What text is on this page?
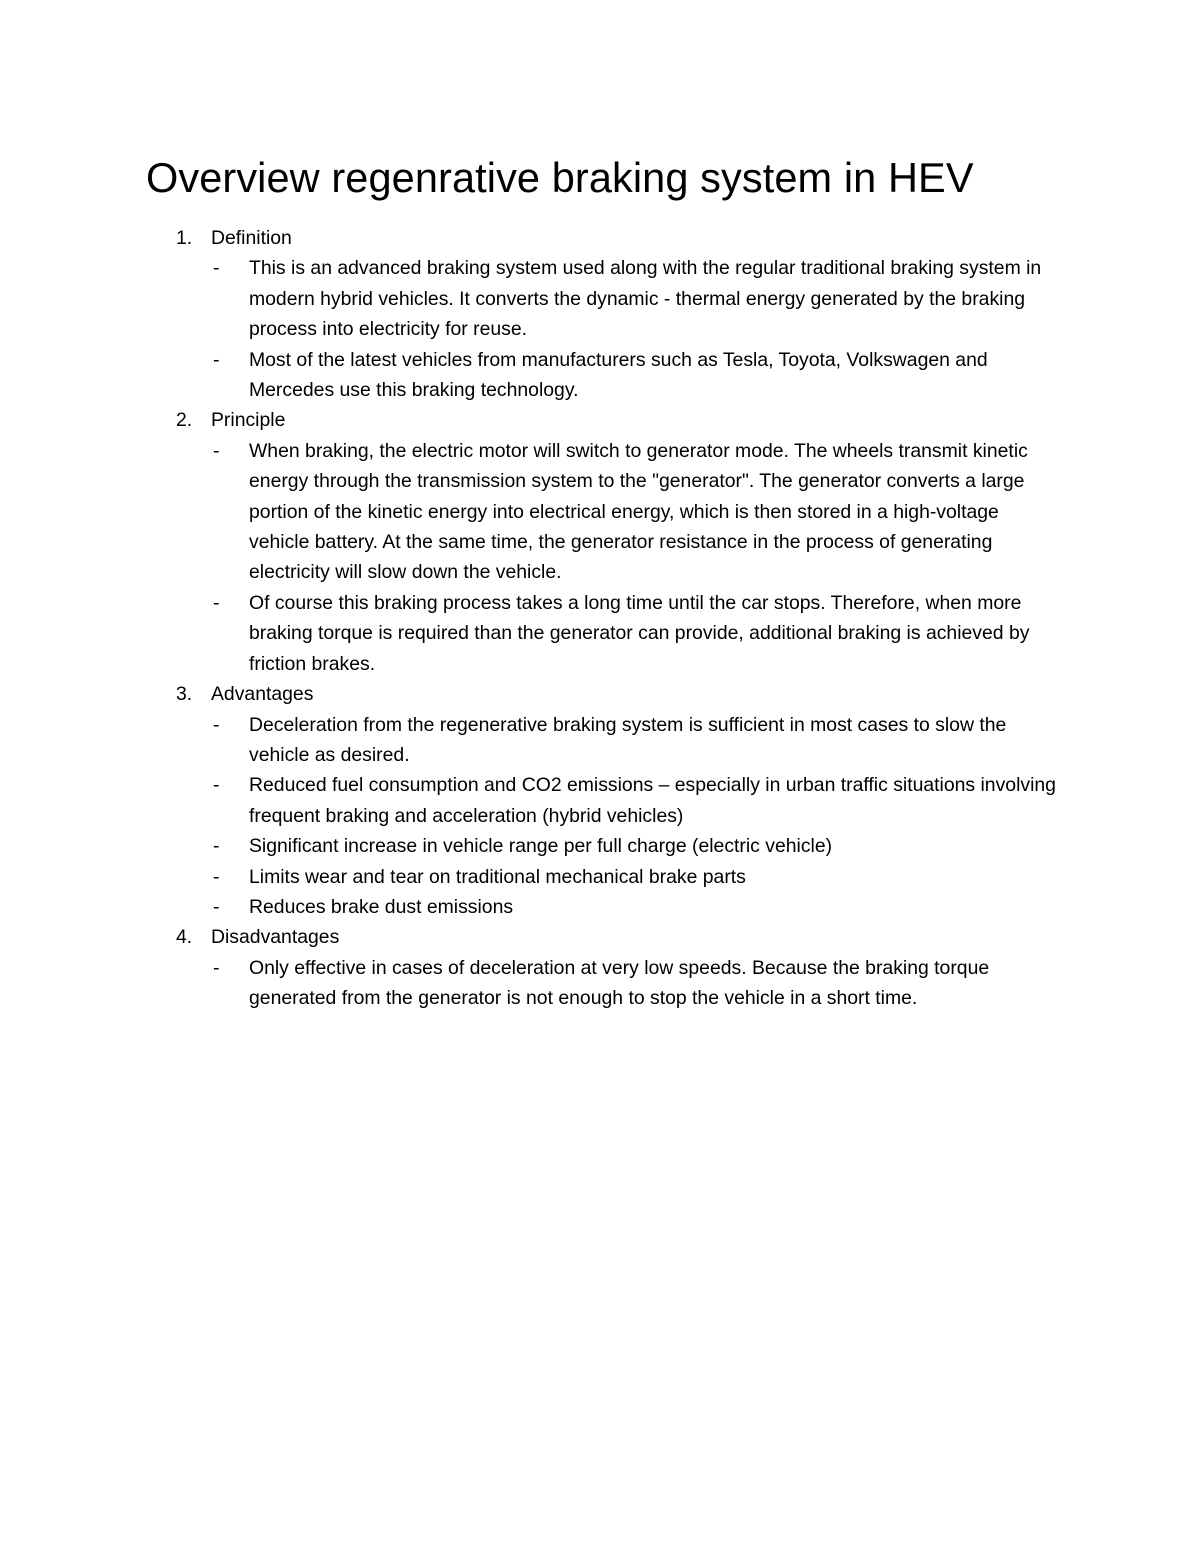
Overview regenrative braking system in HEV
1. Definition
-	This is an advanced braking system used along with the regular traditional braking system in modern hybrid vehicles. It converts the dynamic - thermal energy generated by the braking process into electricity for reuse.
-	Most of the latest vehicles from manufacturers such as Tesla, Toyota, Volkswagen and Mercedes use this braking technology.
2. Principle
-	When braking, the electric motor will switch to generator mode. The wheels transmit kinetic energy through the transmission system to the "generator". The generator converts a large portion of the kinetic energy into electrical energy, which is then stored in a high-voltage vehicle battery. At the same time, the generator resistance in the process of generating electricity will slow down the vehicle.
-	Of course this braking process takes a long time until the car stops. Therefore, when more braking torque is required than the generator can provide, additional braking is achieved by friction brakes.
3. Advantages
-	Deceleration from the regenerative braking system is sufficient in most cases to slow the vehicle as desired.
-	Reduced fuel consumption and CO2 emissions – especially in urban traffic situations involving frequent braking and acceleration (hybrid vehicles)
-	Significant increase in vehicle range per full charge (electric vehicle)
-	Limits wear and tear on traditional mechanical brake parts
-	Reduces brake dust emissions
4. Disadvantages
-	Only effective in cases of deceleration at very low speeds. Because the braking torque generated from the generator is not enough to stop the vehicle in a short time.
